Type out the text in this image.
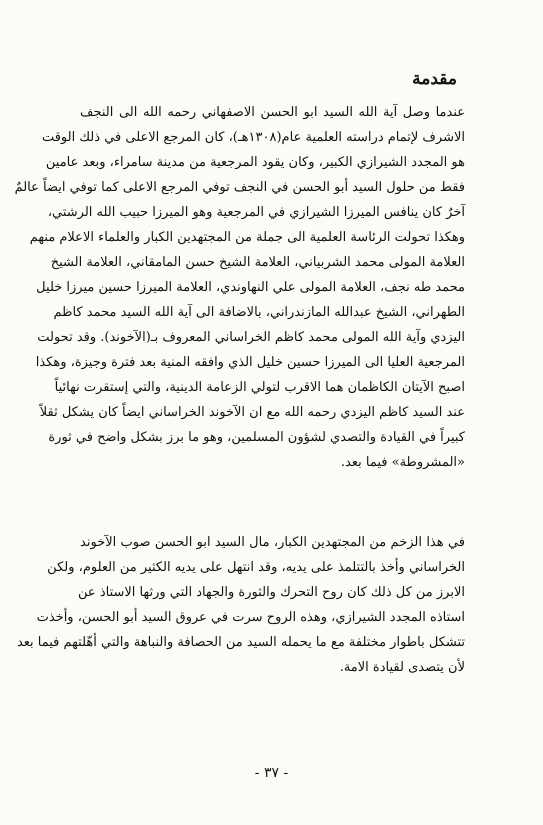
مقدمة
عندما وصل آية الله السيد ابو الحسن الاصفهاني رحمه الله الى النجف
الاشرف لإتمام دراسته العلمية عام(١٣٠٨هـ)، كان المرجع الاعلى في ذلك الوقت
هو المجدد الشيرازي الكبير، وكان يقود المرجعية من مدينة سامراء، وبعد عامين
فقط من حلول السيد أبو الحسن في النجف توفي المرجع الاعلى كما توفي ايضاً عالمٌ
آخرٌ كان ينافس الميرزا الشيرازي في المرجعية وهو الميرزا حبيب الله الرشتي،
وهكذا تحولت الرئاسة العلمية الى جملة من المجتهدين الكبار والعلماء الاعلام منهم
العلامة المولى محمد الشربياني، العلامة الشيخ حسن المامقاني، العلامة الشيخ
محمد طه نجف، العلامة المولى علي النهاوندي، العلامة الميرزا حسين ميرزا خليل
الطهراني، الشيخ عبدالله المازندراني، بالاضافة الى آية الله السيد محمد كاظم
اليزدي وآية الله المولى محمد كاظم الخراساني المعروف بـ(الآخوند). وقد تحولت
المرجعية العليا الى الميرزا حسين خليل الذي وافقه المنية بعد فترة وجيزة، وهكذا
اصبح الآيتان الكاظمان هما الاقرب لتولي الزعامة الدينية، والتي إستقرت نهائياً
عند السيد كاظم اليزدي رحمه الله مع ان الآخوند الخراساني ايضاً كان يشكل ثقلاً
كبيراً في القيادة والتصدي لشؤون المسلمين، وهو ما برز بشكل واضح في ثورة
«المشروطة» فيما بعد.
في هذا الزخم من المجتهدين الكبار، مال السيد ابو الحسن صوب الآخوند
الخراساني وأخذ بالتتلمذ على يديه، وقد انتهل على يديه الكثير من العلوم، ولكن
الابرز من كل ذلك كان روح التحرك والثورة والجهاد التي ورثها الاستاذ عن
استاذه المجدد الشيرازي، وهذه الروح سرت في عروق السيد أبو الحسن، وأخذت
تتشكل باطوار مختلفة مع ما يحمله السيد من الحصافة والنباهة والتي أهّلتهم فيما بعد
لأن يتصدى لقيادة الامة.
- ٣٧ -
